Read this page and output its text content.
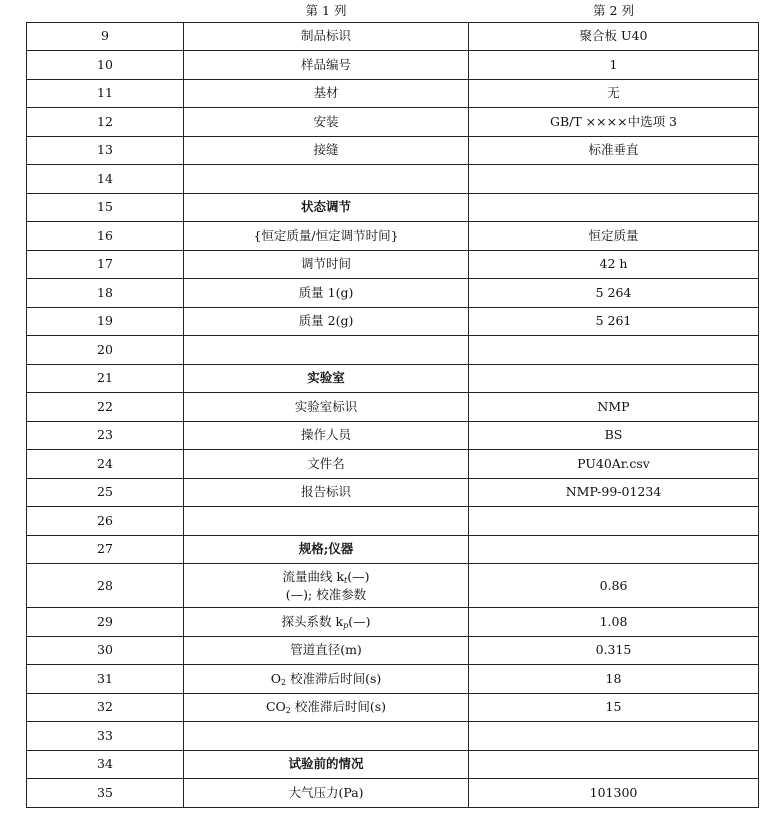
	第 1 列	第 2 列
9	制品标识	聚合板 U40
10	样品编号	1
11	基材	无
12	安装	GB/T ××××中选项 3
13	接缝	标准垂直
14		
15	状态调节	
16	{恒定质量/恒定调节时间}	恒定质量
17	调节时间	42 h
18	质量 1(g)	5 264
19	质量 2(g)	5 261
20		
21	实验室	
22	实验室标识	NMP
23	操作人员	BS
24	文件名	PU40Ar.csv
25	报告标识	NMP-99-01234
26		
27	规格;仪器	
28	流量曲线 $k_t(—)$
(—); 校准参数	0.86
29	探头系数 $k_p(—)$	1.08
30	管道直径(m)	0.315
31	$O_2$ 校准滞后时间(s)	18
32	$CO_2$ 校准滞后时间(s)	15
33		
34	试验前的情况	
35	大气压力(Pa)	101300
